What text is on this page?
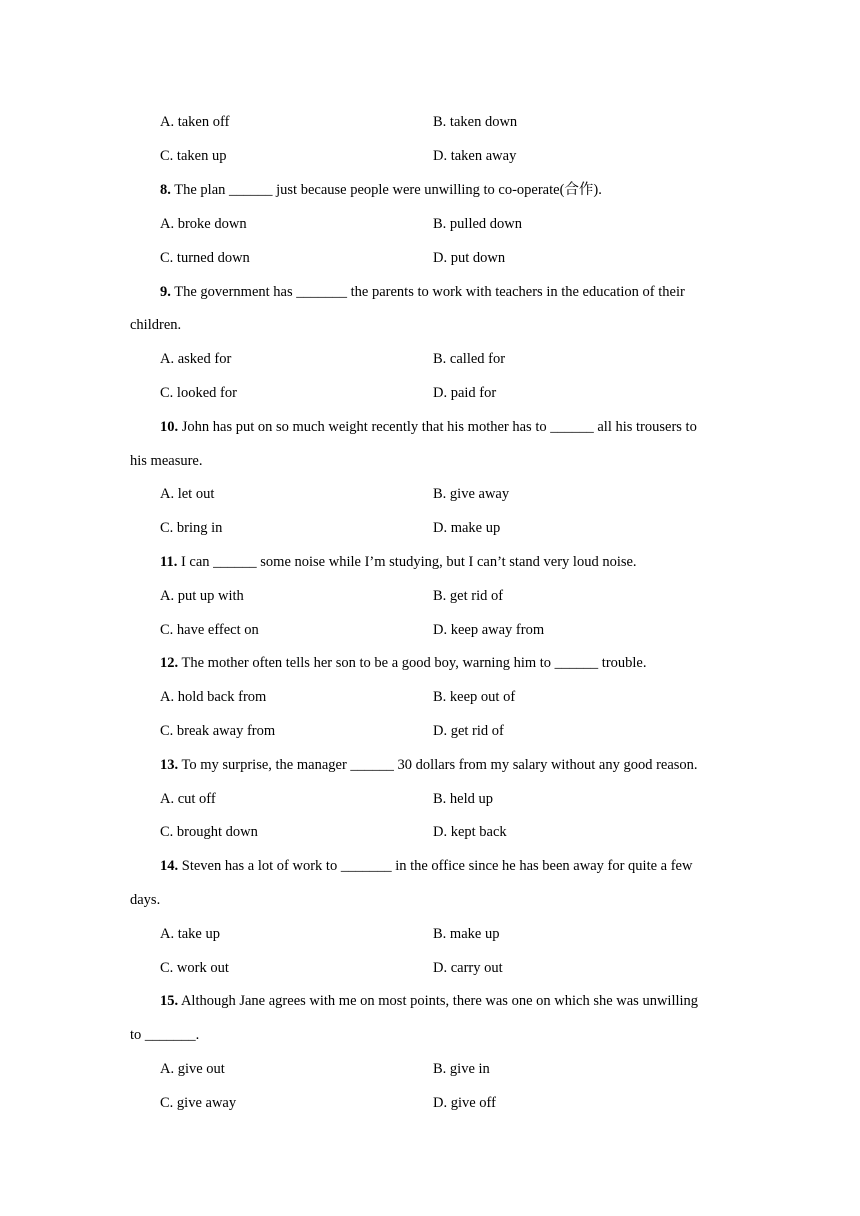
A. taken off	B. taken down
C. taken up	D. taken away
8. The plan ______ just because people were unwilling to co-operate(合作).
A. broke down	B. pulled down
C. turned down	D. put down
9. The government has _______ the parents to work with teachers in the education of their
children.
A. asked for	B. called for
C. looked for	D. paid for
10. John has put on so much weight recently that his mother has to ______ all his trousers to
his measure.
A. let out	B. give away
C. bring in	D. make up
11. I can ______ some noise while I’m studying, but I can’t stand very loud noise.
A. put up with	B. get rid of
C. have effect on	D. keep away from
12. The mother often tells her son to be a good boy, warning him to ______ trouble.
A. hold back from	B. keep out of
C. break away from	D. get rid of
13. To my surprise, the manager ______ 30 dollars from my salary without any good reason.
A. cut off	B. held up
C. brought down	D. kept back
14. Steven has a lot of work to _______ in the office since he has been away for quite a few
days.
A. take up	B. make up
C. work out	D. carry out
15. Although Jane agrees with me on most points, there was one on which she was unwilling
to _______.
A. give out	B. give in
C. give away	D. give off
